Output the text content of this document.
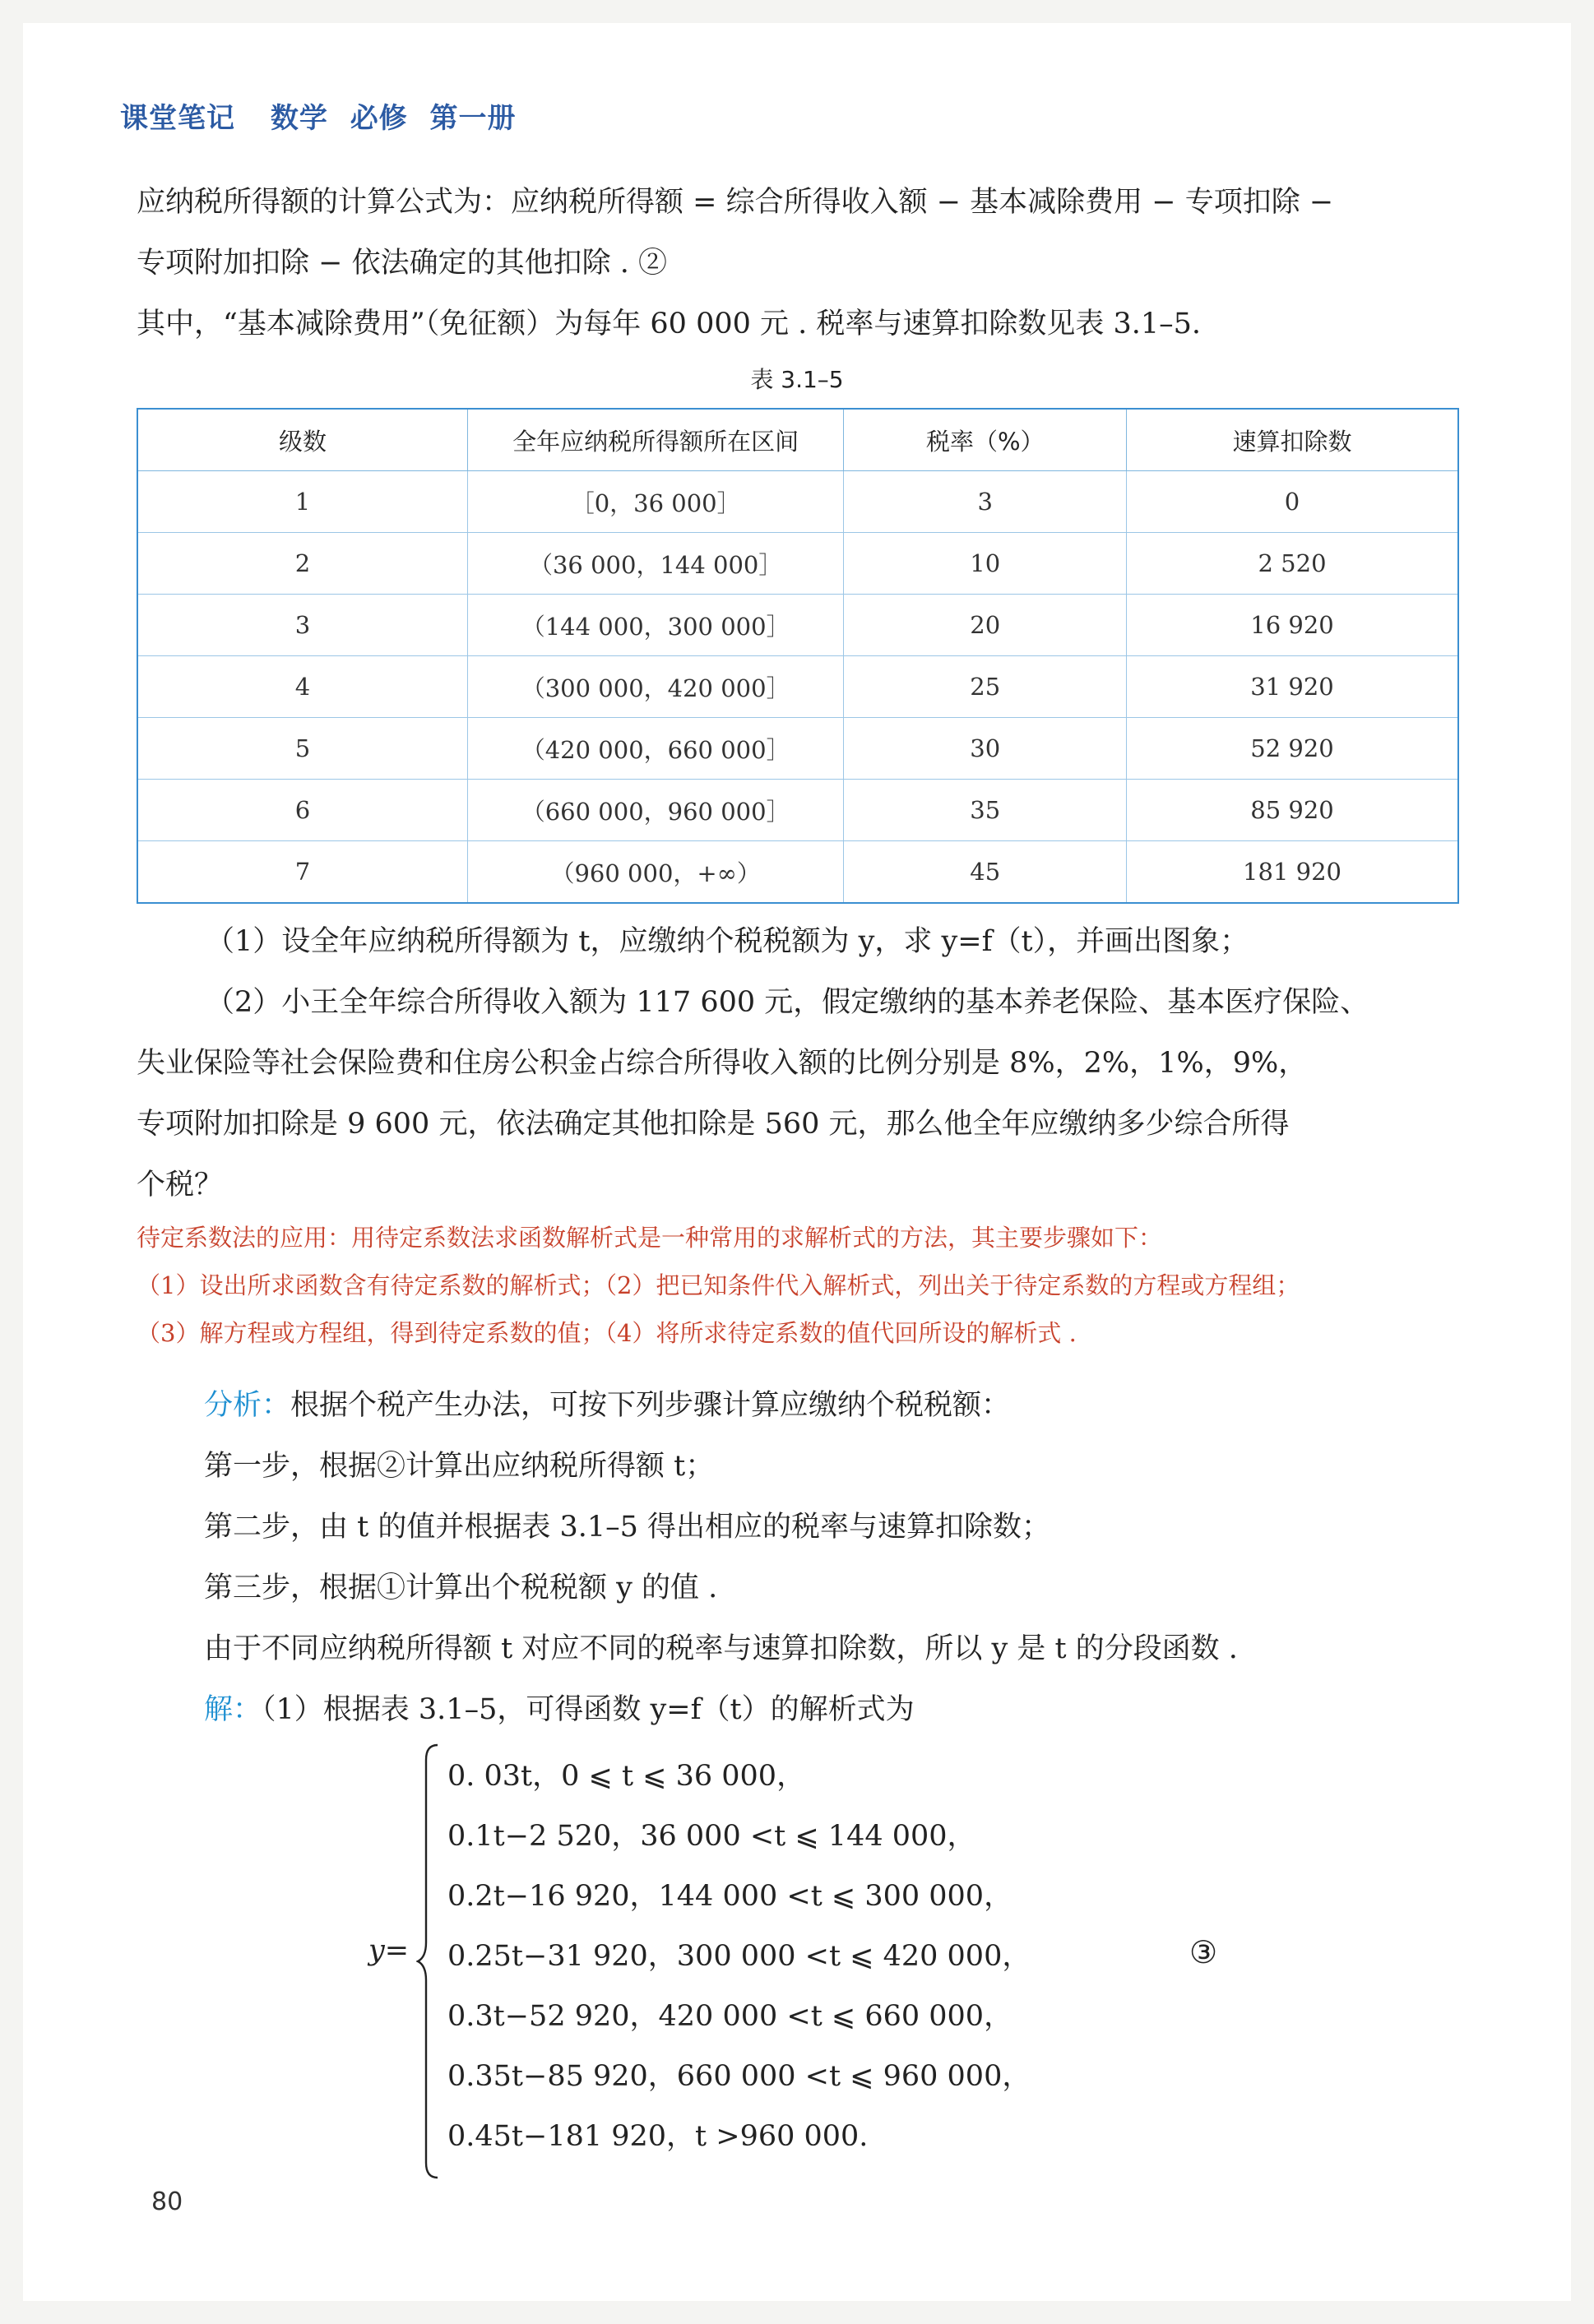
课堂笔记 数学 必修 第一册
应纳税所得额的计算公式为：应纳税所得额 = 综合所得收入额 − 基本减除费用 − 专项扣除 −
专项附加扣除 − 依法确定的其他扣除 . ②
其中，“基本减除费用”（免征额）为每年 60 000 元 . 税率与速算扣除数见表 3.1–5.
表 3.1–5
级数	全年应纳税所得额所在区间	税率（%）	速算扣除数
1	［0，36 000］	3	0
2	（36 000，144 000］	10	2 520
3	（144 000，300 000］	20	16 920
4	（300 000，420 000］	25	31 920
5	（420 000，660 000］	30	52 920
6	（660 000，960 000］	35	85 920
7	（960 000，+∞）	45	181 920
（1）设全年应纳税所得额为 t，应缴纳个税税额为 y，求 y=f（t），并画出图象；
（2）小王全年综合所得收入额为 117 600 元，假定缴纳的基本养老保险、基本医疗保险、
失业保险等社会保险费和住房公积金占综合所得收入额的比例分别是 8%，2%，1%，9%，
专项附加扣除是 9 600 元，依法确定其他扣除是 560 元，那么他全年应缴纳多少综合所得
个税？
待定系数法的应用：用待定系数法求函数解析式是一种常用的求解析式的方法，其主要步骤如下：
（1）设出所求函数含有待定系数的解析式；（2）把已知条件代入解析式，列出关于待定系数的方程或方程组；
（3）解方程或方程组，得到待定系数的值；（4）将所求待定系数的值代回所设的解析式 .
分析：根据个税产生办法，可按下列步骤计算应缴纳个税税额：
第一步，根据②计算出应纳税所得额 t；
第二步，由 t 的值并根据表 3.1–5 得出相应的税率与速算扣除数；
第三步，根据①计算出个税税额 y 的值 .
由于不同应纳税所得额 t 对应不同的税率与速算扣除数，所以 y 是 t 的分段函数 .
解：（1）根据表 3.1–5，可得函数 y=f（t）的解析式为
y=
0. 03t，0 ⩽ t ⩽ 36 000，
0.1t−2 520，36 000 <t ⩽ 144 000，
0.2t−16 920，144 000 <t ⩽ 300 000，
0.25t−31 920，300 000 <t ⩽ 420 000，
0.3t−52 920，420 000 <t ⩽ 660 000，
0.35t−85 920，660 000 <t ⩽ 960 000，
0.45t−181 920，t >960 000.
③
80
